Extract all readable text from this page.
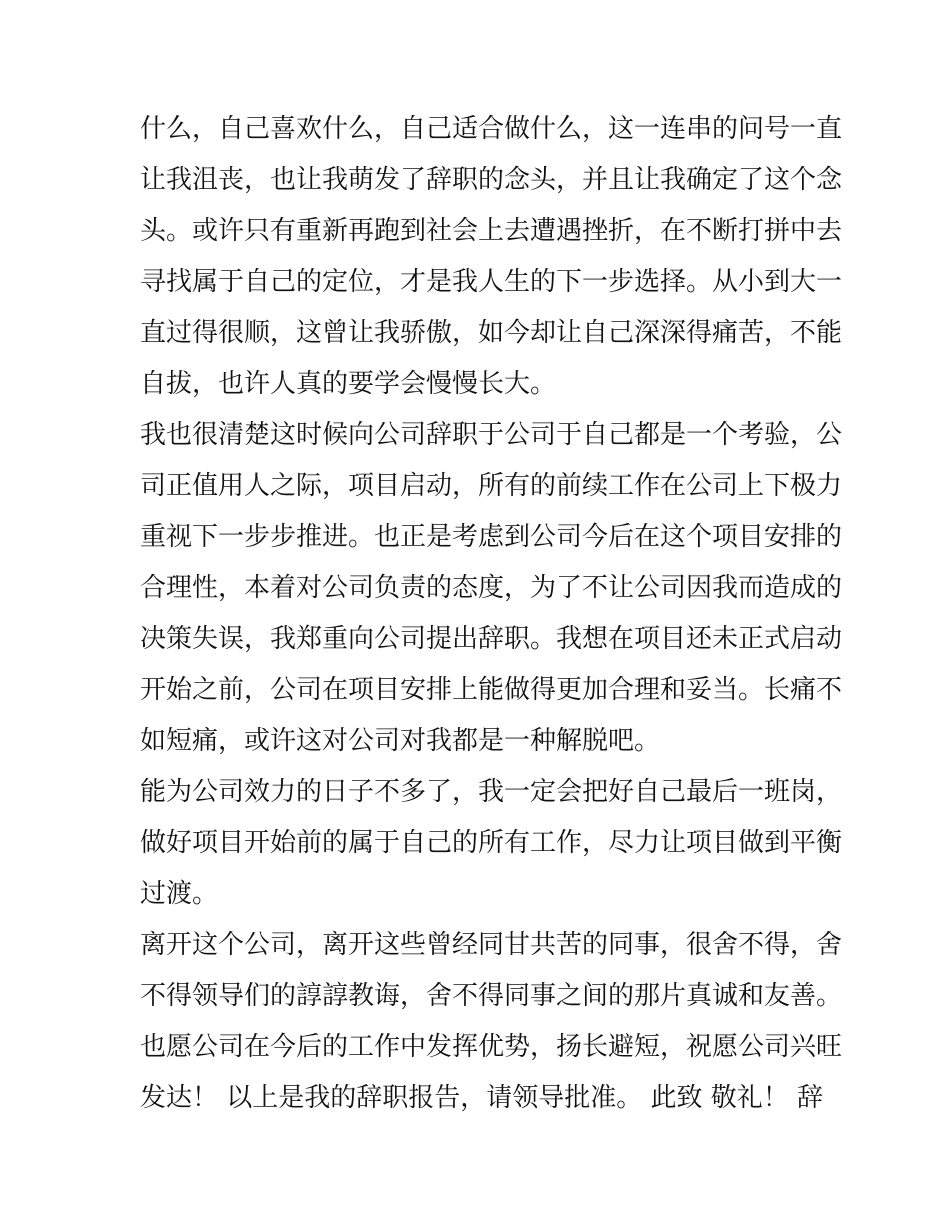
什么，自己喜欢什么，自己适合做什么，这一连串的问号一直
让我沮丧，也让我萌发了辞职的念头，并且让我确定了这个念
头。或许只有重新再跑到社会上去遭遇挫折，在不断打拼中去
寻找属于自己的定位，才是我人生的下一步选择。从小到大一
直过得很顺，这曾让我骄傲，如今却让自己深深得痛苦，不能
自拔，也许人真的要学会慢慢长大。

我也很清楚这时候向公司辞职于公司于自己都是一个考验，公
司正值用人之际，项目启动，所有的前续工作在公司上下极力
重视下一步步推进。也正是考虑到公司今后在这个项目安排的
合理性，本着对公司负责的态度，为了不让公司因我而造成的
决策失误，我郑重向公司提出辞职。我想在项目还未正式启动
开始之前，公司在项目安排上能做得更加合理和妥当。长痛不
如短痛，或许这对公司对我都是一种解脱吧。

能为公司效力的日子不多了，我一定会把好自己最后一班岗，
做好项目开始前的属于自己的所有工作，尽力让项目做到平衡
过渡。

离开这个公司，离开这些曾经同甘共苦的同事，很舍不得，舍
不得领导们的諄諄教诲，舍不得同事之间的那片真诚和友善。
也愿公司在今后的工作中发挥优势，扬长避短，祝愿公司兴旺
发达！ 以上是我的辞职报告，请领导批准。 此致 敬礼！ 辞
